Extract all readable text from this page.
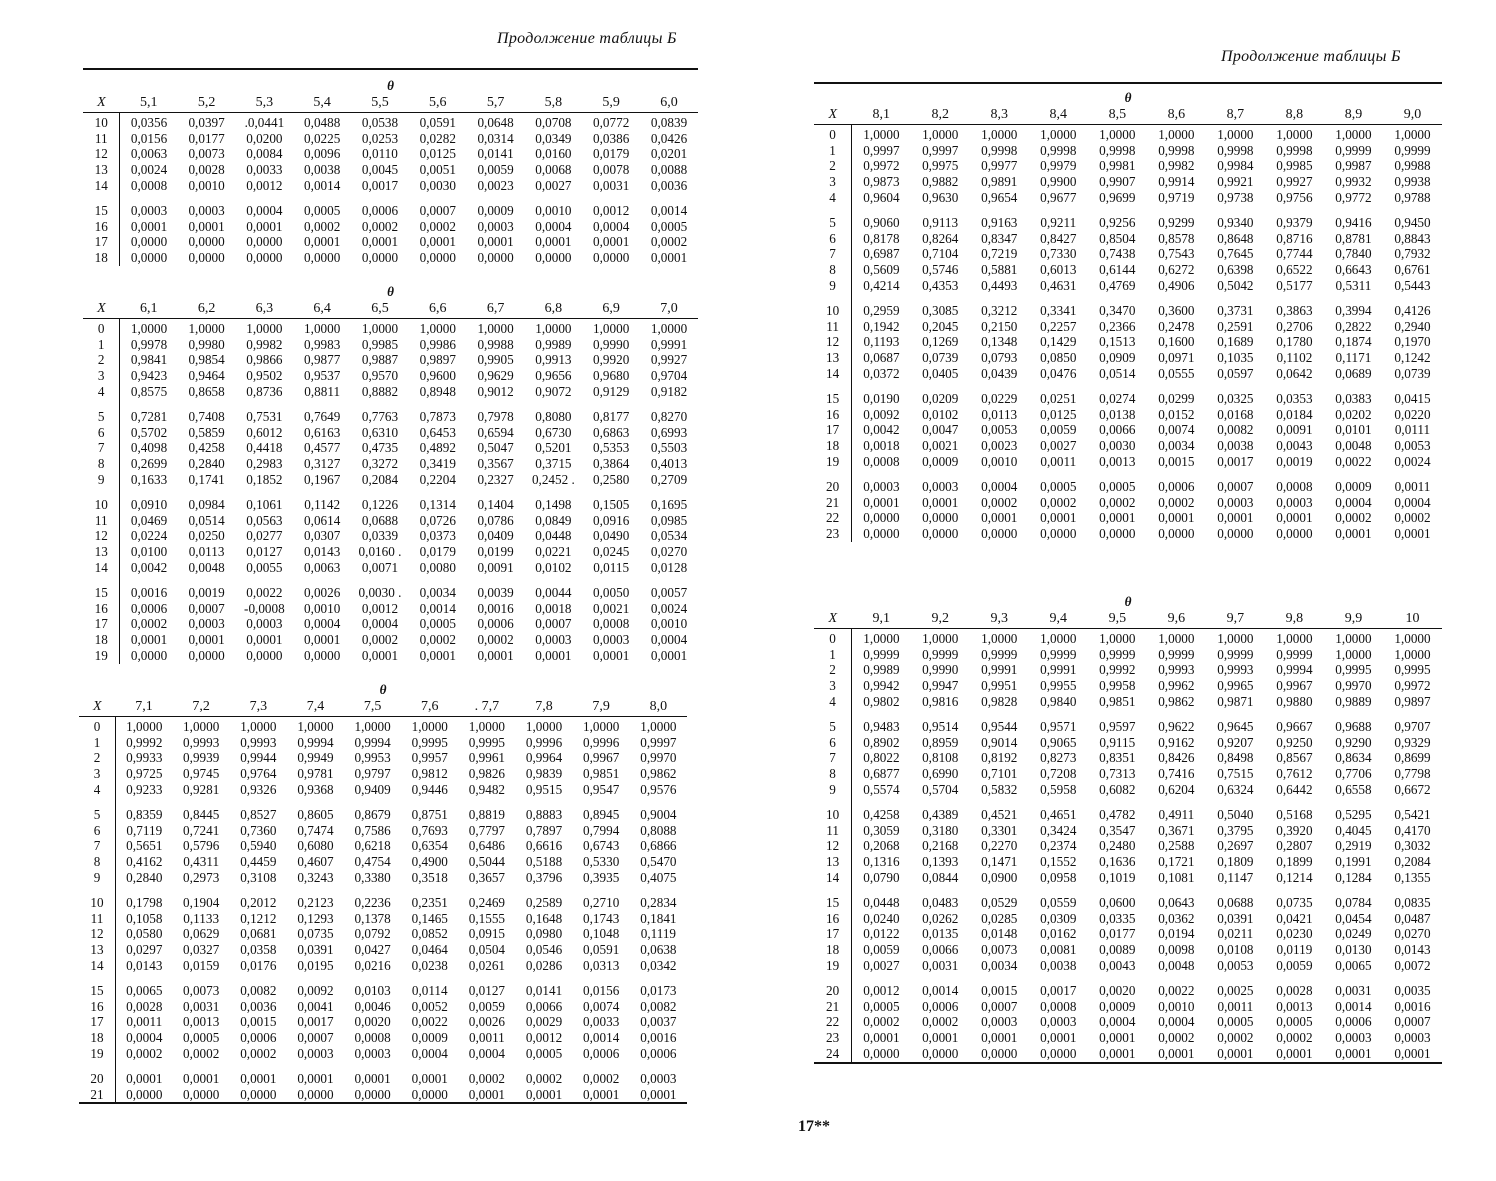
Продолжение таблицы Б
θ										
X	5,1	5,2	5,3	5,4	5,5	5,6	5,7	5,8	5,9	6,0
10	0,0356	0,0397	.0,0441	0,0488	0,0538	0,0591	0,0648	0,0708	0,0772	0,0839
11	0,0156	0,0177	0,0200	0,0225	0,0253	0,0282	0,0314	0,0349	0,0386	0,0426
12	0,0063	0,0073	0,0084	0,0096	0,0110	0,0125	0,0141	0,0160	0,0179	0,0201
13	0,0024	0,0028	0,0033	0,0038	0,0045	0,0051	0,0059	0,0068	0,0078	0,0088
14	0,0008	0,0010	0,0012	0,0014	0,0017	0,0030	0,0023	0,0027	0,0031	0,0036

15	0,0003	0,0003	0,0004	0,0005	0,0006	0,0007	0,0009	0,0010	0,0012	0,0014
16	0,0001	0,0001	0,0001	0,0002	0,0002	0,0002	0,0003	0,0004	0,0004	0,0005
17	0,0000	0,0000	0,0000	0,0001	0,0001	0,0001	0,0001	0,0001	0,0001	0,0002
18	0,0000	0,0000	0,0000	0,0000	0,0000	0,0000	0,0000	0,0000	0,0000	0,0001
θ										
X	6,1	6,2	6,3	6,4	6,5	6,6	6,7	6,8	6,9	7,0
0	1,0000	1,0000	1,0000	1,0000	1,0000	1,0000	1,0000	1,0000	1,0000	1,0000
1	0,9978	0,9980	0,9982	0,9983	0,9985	0,9986	0,9988	0,9989	0,9990	0,9991
2	0,9841	0,9854	0,9866	0,9877	0,9887	0,9897	0,9905	0,9913	0,9920	0,9927
3	0,9423	0,9464	0,9502	0,9537	0,9570	0,9600	0,9629	0,9656	0,9680	0,9704
4	0,8575	0,8658	0,8736	0,8811	0,8882	0,8948	0,9012	0,9072	0,9129	0,9182

5	0,7281	0,7408	0,7531	0,7649	0,7763	0,7873	0,7978	0,8080	0,8177	0,8270
6	0,5702	0,5859	0,6012	0,6163	0,6310	0,6453	0,6594	0,6730	0,6863	0,6993
7	0,4098	0,4258	0,4418	0,4577	0,4735	0,4892	0,5047	0,5201	0,5353	0,5503
8	0,2699	0,2840	0,2983	0,3127	0,3272	0,3419	0,3567	0,3715	0,3864	0,4013
9	0,1633	0,1741	0,1852	0,1967	0,2084	0,2204	0,2327	0,2452 .	0,2580	0,2709

10	0,0910	0,0984	0,1061	0,1142	0,1226	0,1314	0,1404	0,1498	0,1505	0,1695
11	0,0469	0,0514	0,0563	0,0614	0,0688	0,0726	0,0786	0,0849	0,0916	0,0985
12	0,0224	0,0250	0,0277	0,0307	0,0339	0,0373	0,0409	0,0448	0,0490	0,0534
13	0,0100	0,0113	0,0127	0,0143	0,0160 .	0,0179	0,0199	0,0221	0,0245	0,0270
14	0,0042	0,0048	0,0055	0,0063	0,0071	0,0080	0,0091	0,0102	0,0115	0,0128

15	0,0016	0,0019	0,0022	0,0026	0,0030 .	0,0034	0,0039	0,0044	0,0050	0,0057
16	0,0006	0,0007	-0,0008	0,0010	0,0012	0,0014	0,0016	0,0018	0,0021	0,0024
17	0,0002	0,0003	0,0003	0,0004	0,0004	0,0005	0,0006	0,0007	0,0008	0,0010
18	0,0001	0,0001	0,0001	0,0001	0,0002	0,0002	0,0002	0,0003	0,0003	0,0004
19	0,0000	0,0000	0,0000	0,0000	0,0001	0,0001	0,0001	0,0001	0,0001	0,0001
θ										
X	7,1	7,2	7,3	7,4	7,5	7,6	. 7,7	7,8	7,9	8,0
0	1,0000	1,0000	1,0000	1,0000	1,0000	1,0000	1,0000	1,0000	1,0000	1,0000
1	0,9992	0,9993	0,9993	0,9994	0,9994	0,9995	0,9995	0,9996	0,9996	0,9997
2	0,9933	0,9939	0,9944	0,9949	0,9953	0,9957	0,9961	0,9964	0,9967	0,9970
3	0,9725	0,9745	0,9764	0,9781	0,9797	0,9812	0,9826	0,9839	0,9851	0,9862
4	0,9233	0,9281	0,9326	0,9368	0,9409	0,9446	0,9482	0,9515	0,9547	0,9576

5	0,8359	0,8445	0,8527	0,8605	0,8679	0,8751	0,8819	0,8883	0,8945	0,9004
6	0,7119	0,7241	0,7360	0,7474	0,7586	0,7693	0,7797	0,7897	0,7994	0,8088
7	0,5651	0,5796	0,5940	0,6080	0,6218	0,6354	0,6486	0,6616	0,6743	0,6866
8	0,4162	0,4311	0,4459	0,4607	0,4754	0,4900	0,5044	0,5188	0,5330	0,5470
9	0,2840	0,2973	0,3108	0,3243	0,3380	0,3518	0,3657	0,3796	0,3935	0,4075

10	0,1798	0,1904	0,2012	0,2123	0,2236	0,2351	0,2469	0,2589	0,2710	0,2834
11	0,1058	0,1133	0,1212	0,1293	0,1378	0,1465	0,1555	0,1648	0,1743	0,1841
12	0,0580	0,0629	0,0681	0,0735	0,0792	0,0852	0,0915	0,0980	0,1048	0,1119
13	0,0297	0,0327	0,0358	0,0391	0,0427	0,0464	0,0504	0,0546	0,0591	0,0638
14	0,0143	0,0159	0,0176	0,0195	0,0216	0,0238	0,0261	0,0286	0,0313	0,0342

15	0,0065	0,0073	0,0082	0,0092	0,0103	0,0114	0,0127	0,0141	0,0156	0,0173
16	0,0028	0,0031	0,0036	0,0041	0,0046	0,0052	0,0059	0,0066	0,0074	0,0082
17	0,0011	0,0013	0,0015	0,0017	0,0020	0,0022	0,0026	0,0029	0,0033	0,0037
18	0,0004	0,0005	0,0006	0,0007	0,0008	0,0009	0,0011	0,0012	0,0014	0,0016
19	0,0002	0,0002	0,0002	0,0003	0,0003	0,0004	0,0004	0,0005	0,0006	0,0006

20	0,0001	0,0001	0,0001	0,0001	0,0001	0,0001	0,0002	0,0002	0,0002	0,0003
21	0,0000	0,0000	0,0000	0,0000	0,0000	0,0000	0,0001	0,0001	0,0001	0,0001
Продолжение таблицы Б
θ										
X	8,1	8,2	8,3	8,4	8,5	8,6	8,7	8,8	8,9	9,0
0	1,0000	1,0000	1,0000	1,0000	1,0000	1,0000	1,0000	1,0000	1,0000	1,0000
1	0,9997	0,9997	0,9998	0,9998	0,9998	0,9998	0,9998	0,9998	0,9999	0,9999
2	0,9972	0,9975	0,9977	0,9979	0,9981	0,9982	0,9984	0,9985	0,9987	0,9988
3	0,9873	0,9882	0,9891	0,9900	0,9907	0,9914	0,9921	0,9927	0,9932	0,9938
4	0,9604	0,9630	0,9654	0,9677	0,9699	0,9719	0,9738	0,9756	0,9772	0,9788

5	0,9060	0,9113	0,9163	0,9211	0,9256	0,9299	0,9340	0,9379	0,9416	0,9450
6	0,8178	0,8264	0,8347	0,8427	0,8504	0,8578	0,8648	0,8716	0,8781	0,8843
7	0,6987	0,7104	0,7219	0,7330	0,7438	0,7543	0,7645	0,7744	0,7840	0,7932
8	0,5609	0,5746	0,5881	0,6013	0,6144	0,6272	0,6398	0,6522	0,6643	0,6761
9	0,4214	0,4353	0,4493	0,4631	0,4769	0,4906	0,5042	0,5177	0,5311	0,5443

10	0,2959	0,3085	0,3212	0,3341	0,3470	0,3600	0,3731	0,3863	0,3994	0,4126
11	0,1942	0,2045	0,2150	0,2257	0,2366	0,2478	0,2591	0,2706	0,2822	0,2940
12	0,1193	0,1269	0,1348	0,1429	0,1513	0,1600	0,1689	0,1780	0,1874	0,1970
13	0,0687	0,0739	0,0793	0,0850	0,0909	0,0971	0,1035	0,1102	0,1171	0,1242
14	0,0372	0,0405	0,0439	0,0476	0,0514	0,0555	0,0597	0,0642	0,0689	0,0739

15	0,0190	0,0209	0,0229	0,0251	0,0274	0,0299	0,0325	0,0353	0,0383	0,0415
16	0,0092	0,0102	0,0113	0,0125	0,0138	0,0152	0,0168	0,0184	0,0202	0,0220
17	0,0042	0,0047	0,0053	0,0059	0,0066	0,0074	0,0082	0,0091	0,0101	0,0111
18	0,0018	0,0021	0,0023	0,0027	0,0030	0,0034	0,0038	0,0043	0,0048	0,0053
19	0,0008	0,0009	0,0010	0,0011	0,0013	0,0015	0,0017	0,0019	0,0022	0,0024

20	0,0003	0,0003	0,0004	0,0005	0,0005	0,0006	0,0007	0,0008	0,0009	0,0011
21	0,0001	0,0001	0,0002	0,0002	0,0002	0,0002	0,0003	0,0003	0,0004	0,0004
22	0,0000	0,0000	0,0001	0,0001	0,0001	0,0001	0,0001	0,0001	0,0002	0,0002
23	0,0000	0,0000	0,0000	0,0000	0,0000	0,0000	0,0000	0,0000	0,0001	0,0001
θ										
X	9,1	9,2	9,3	9,4	9,5	9,6	9,7	9,8	9,9	10
0	1,0000	1,0000	1,0000	1,0000	1,0000	1,0000	1,0000	1,0000	1,0000	1,0000
1	0,9999	0,9999	0,9999	0,9999	0,9999	0,9999	0,9999	0,9999	1,0000	1,0000
2	0,9989	0,9990	0,9991	0,9991	0,9992	0,9993	0,9993	0,9994	0,9995	0,9995
3	0,9942	0,9947	0,9951	0,9955	0,9958	0,9962	0,9965	0,9967	0,9970	0,9972
4	0,9802	0,9816	0,9828	0,9840	0,9851	0,9862	0,9871	0,9880	0,9889	0,9897

5	0,9483	0,9514	0,9544	0,9571	0,9597	0,9622	0,9645	0,9667	0,9688	0,9707
6	0,8902	0,8959	0,9014	0,9065	0,9115	0,9162	0,9207	0,9250	0,9290	0,9329
7	0,8022	0,8108	0,8192	0,8273	0,8351	0,8426	0,8498	0,8567	0,8634	0,8699
8	0,6877	0,6990	0,7101	0,7208	0,7313	0,7416	0,7515	0,7612	0,7706	0,7798
9	0,5574	0,5704	0,5832	0,5958	0,6082	0,6204	0,6324	0,6442	0,6558	0,6672

10	0,4258	0,4389	0,4521	0,4651	0,4782	0,4911	0,5040	0,5168	0,5295	0,5421
11	0,3059	0,3180	0,3301	0,3424	0,3547	0,3671	0,3795	0,3920	0,4045	0,4170
12	0,2068	0,2168	0,2270	0,2374	0,2480	0,2588	0,2697	0,2807	0,2919	0,3032
13	0,1316	0,1393	0,1471	0,1552	0,1636	0,1721	0,1809	0,1899	0,1991	0,2084
14	0,0790	0,0844	0,0900	0,0958	0,1019	0,1081	0,1147	0,1214	0,1284	0,1355

15	0,0448	0,0483	0,0529	0,0559	0,0600	0,0643	0,0688	0,0735	0,0784	0,0835
16	0,0240	0,0262	0,0285	0,0309	0,0335	0,0362	0,0391	0,0421	0,0454	0,0487
17	0,0122	0,0135	0,0148	0,0162	0,0177	0,0194	0,0211	0,0230	0,0249	0,0270
18	0,0059	0,0066	0,0073	0,0081	0,0089	0,0098	0,0108	0,0119	0,0130	0,0143
19	0,0027	0,0031	0,0034	0,0038	0,0043	0,0048	0,0053	0,0059	0,0065	0,0072

20	0,0012	0,0014	0,0015	0,0017	0,0020	0,0022	0,0025	0,0028	0,0031	0,0035
21	0,0005	0,0006	0,0007	0,0008	0,0009	0,0010	0,0011	0,0013	0,0014	0,0016
22	0,0002	0,0002	0,0003	0,0003	0,0004	0,0004	0,0005	0,0005	0,0006	0,0007
23	0,0001	0,0001	0,0001	0,0001	0,0001	0,0002	0,0002	0,0002	0,0003	0,0003
24	0,0000	0,0000	0,0000	0,0000	0,0001	0,0001	0,0001	0,0001	0,0001	0,0001
17**
